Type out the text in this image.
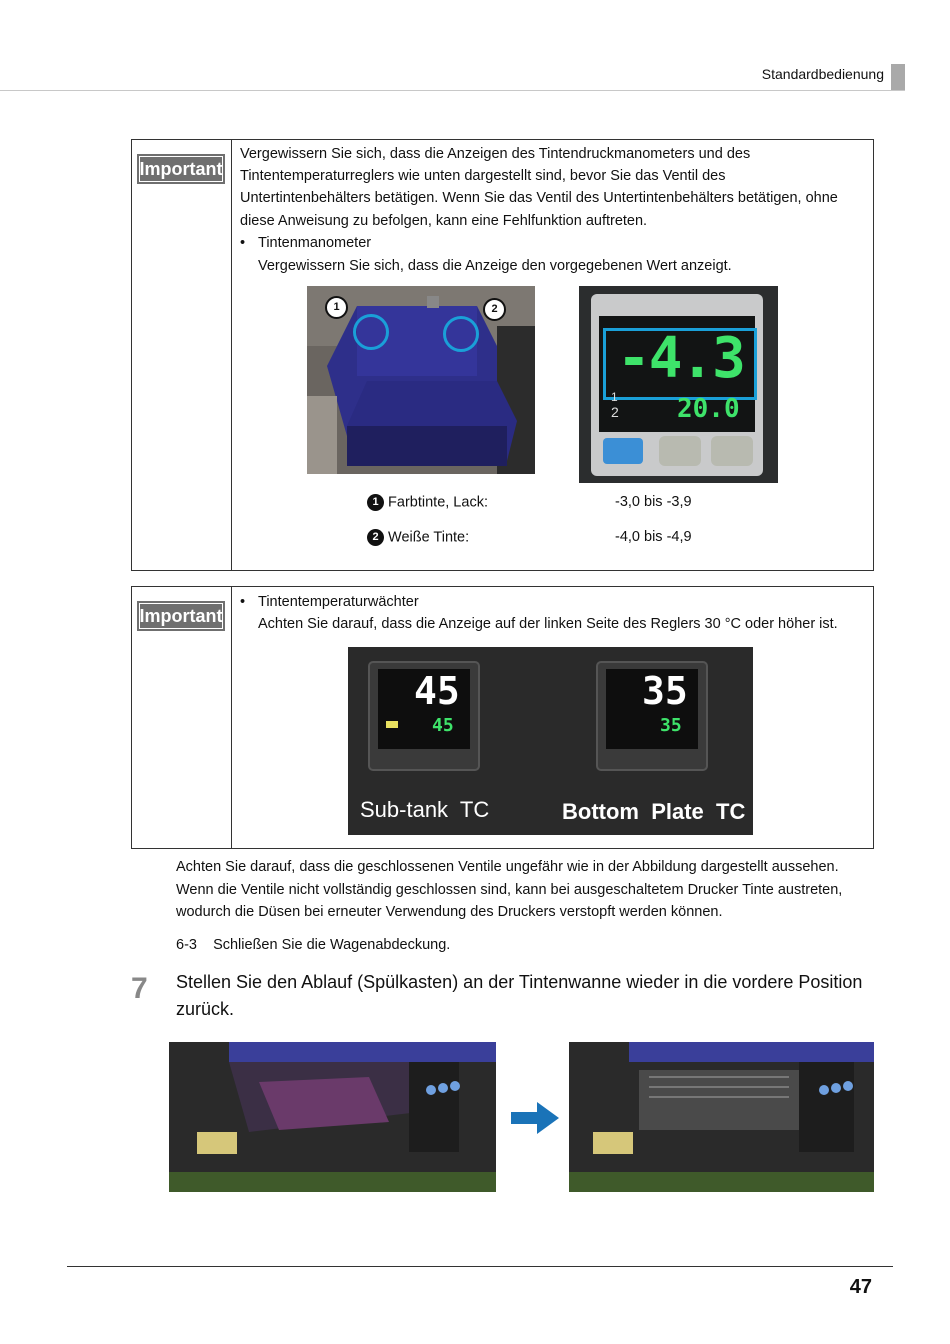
Standardbedienung
Important
Vergewissern Sie sich, dass die Anzeigen des Tintendruckmanometers und des
Tintentemperaturreglers wie unten dargestellt sind, bevor Sie das Ventil des
Untertintenbehälters betätigen. Wenn Sie das Ventil des Untertintenbehälters betätigen, ohne
diese Anweisung zu befolgen, kann eine Fehlfunktion auftreten.
• Tintenmanometer
Vergewissern Sie sich, dass die Anzeige den vorgegebenen Wert anzeigt.
1	2
-4.3
1
2 20.0
1 Farbtinte, Lack:	-3,0 bis -3,9
2 Weiße Tinte:	-4,0 bis -4,9
Important
• Tintentemperaturwächter
Achten Sie darauf, dass die Anzeige auf der linken Seite des Reglers 30 °C oder höher ist.
45
45
35
35
Sub-tank  TC	Bottom  Plate  TC
Achten Sie darauf, dass die geschlossenen Ventile ungefähr wie in der Abbildung dargestellt aussehen.
Wenn die Ventile nicht vollständig geschlossen sind, kann bei ausgeschaltetem Drucker Tinte austreten,
wodurch die Düsen bei erneuter Verwendung des Druckers verstopft werden können.
6-3    Schließen Sie die Wagenabdeckung.
7 Stellen Sie den Ablauf (Spülkasten) an der Tintenwanne wieder in die vordere Position
zurück.
47
